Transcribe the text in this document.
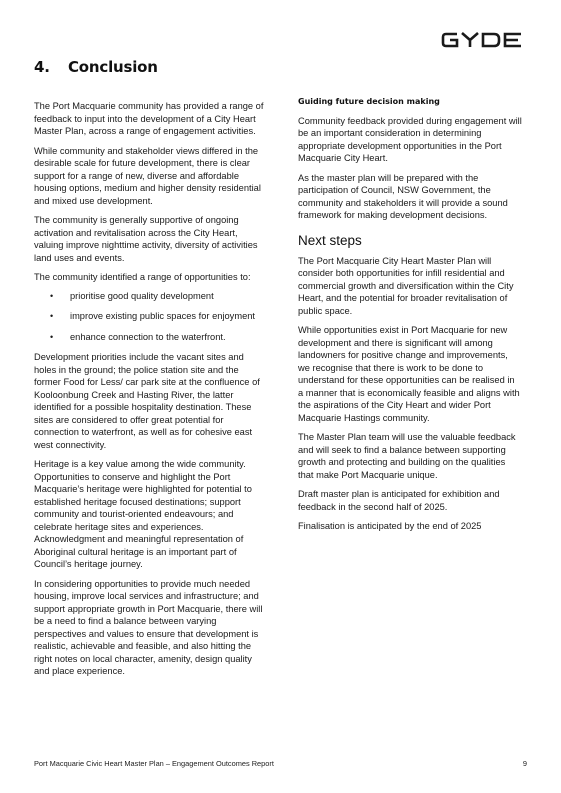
4. Conclusion

The Port Macquarie community has provided a range of feedback to input into the development of a City Heart Master Plan, across a range of engagement activities.

While community and stakeholder views differed in the desirable scale for future development, there is clear support for a range of new, diverse and affordable housing options, medium and higher density residential and mixed use development.

The community is generally supportive of ongoing activation and revitalisation across the City Heart, valuing improve nighttime activity, diversity of activities land uses and events.

The community identified a range of opportunities to:

• prioritise good quality development
• improve existing public spaces for enjoyment
• enhance connection to the waterfront.

Development priorities include the vacant sites and holes in the ground; the police station site and the former Food for Less/ car park site at the confluence of Kooloonbung Creek and Hasting River, the latter identified for a possible hospitality destination. These sites are considered to offer great potential for connection to waterfront, as well as for cohesive east west connectivity.

Heritage is a key value among the wide community. Opportunities to conserve and highlight the Port Macquarie’s heritage were highlighted for potential to established heritage focused destinations; support community and tourist-oriented endeavours; and celebrate heritage sites and experiences. Acknowledgment and meaningful representation of Aboriginal cultural heritage is an important part of Council’s heritage journey.

In considering opportunities to provide much needed housing, improve local services and infrastructure; and support appropriate growth in Port Macquarie, there will be a need to find a balance between varying perspectives and values to ensure that development is realistic, achievable and feasible, and also hitting the right notes on local character, amenity, design quality and place experience.

Guiding future decision making

Community feedback provided during engagement will be an important consideration in determining appropriate development opportunities in the Port Macquarie City Heart.

As the master plan will be prepared with the participation of Council, NSW Government, the community and stakeholders it will provide a sound framework for making development decisions.

Next steps

The Port Macquarie City Heart Master Plan will consider both opportunities for infill residential and commercial growth and diversification within the City Heart, and the potential for broader revitalisation of public space.

While opportunities exist in Port Macquarie for new development and there is significant will among landowners for positive change and improvements, we recognise that there is work to be done to understand for these opportunities can be realised in a manner that is economically feasible and aligns with the aspirations of the City Heart and wider Port Macquarie Hastings community.

The Master Plan team will use the valuable feedback and will seek to find a balance between supporting growth and protecting and building on the qualities that make Port Macquarie unique.

Draft master plan is anticipated for exhibition and feedback in the second half of 2025.

Finalisation is anticipated by the end of 2025

Port Macquarie Civic Heart Master Plan – Engagement Outcomes Report	9
